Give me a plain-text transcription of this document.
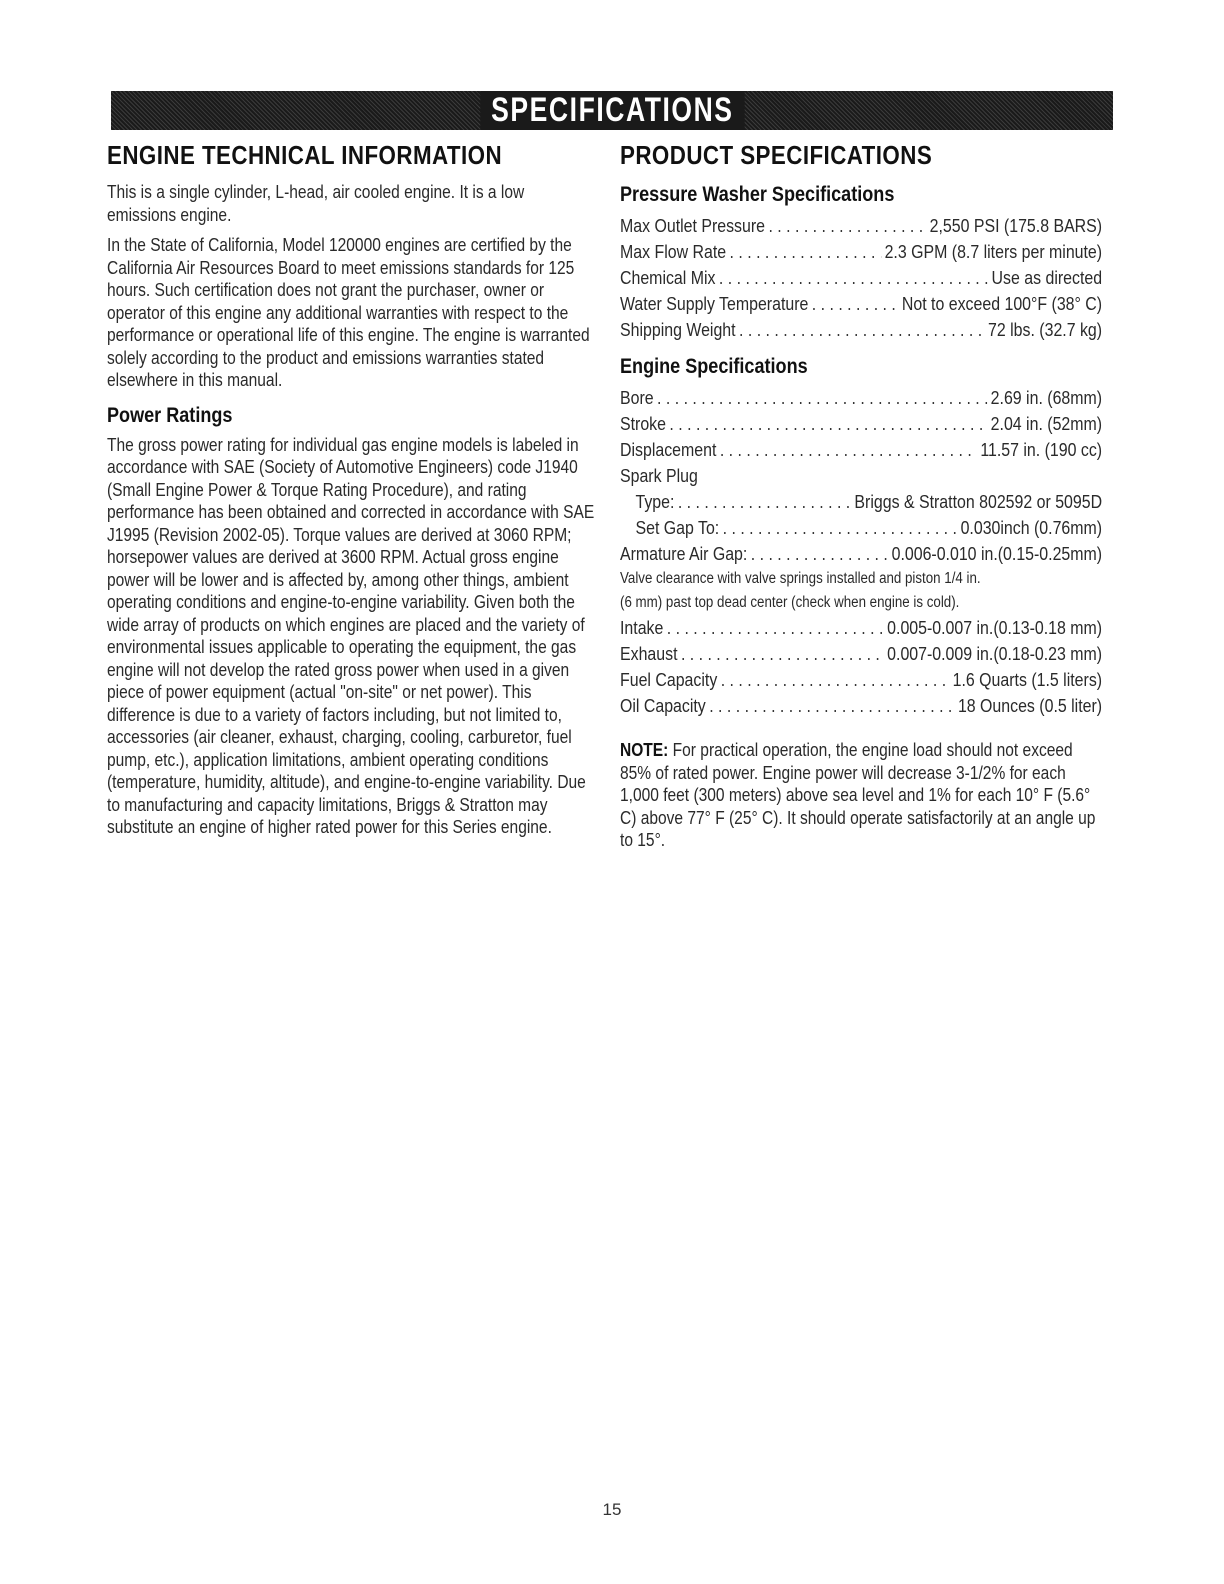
SPECIFICATIONS
ENGINE TECHNICAL INFORMATION

This is a single cylinder, L-head, air cooled engine. It is a low emissions engine.

In the State of California, Model 120000 engines are certified by the California Air Resources Board to meet emissions standards for 125 hours. Such certification does not grant the purchaser, owner or operator of this engine any additional warranties with respect to the performance or operational life of this engine. The engine is warranted solely according to the product and emissions warranties stated elsewhere in this manual.

Power Ratings

The gross power rating for individual gas engine models is labeled in accordance with SAE (Society of Automotive Engineers) code J1940 (Small Engine Power & Torque Rating Procedure), and rating performance has been obtained and corrected in accordance with SAE J1995 (Revision 2002-05). Torque values are derived at 3060 RPM; horsepower values are derived at 3600 RPM. Actual gross engine power will be lower and is affected by, among other things, ambient operating conditions and engine-to-engine variability. Given both the wide array of products on which engines are placed and the variety of environmental issues applicable to operating the equipment, the gas engine will not develop the rated gross power when used in a given piece of power equipment (actual "on-site" or net power). This difference is due to a variety of factors including, but not limited to, accessories (air cleaner, exhaust, charging, cooling, carburetor, fuel pump, etc.), application limitations, ambient operating conditions (temperature, humidity, altitude), and engine-to-engine variability. Due to manufacturing and capacity limitations, Briggs & Stratton may substitute an engine of higher rated power for this Series engine.

PRODUCT SPECIFICATIONS
Pressure Washer Specifications
Max Outlet Pressure . . .	2,550 PSI (175.8 BARS)
Max Flow Rate . . .	2.3 GPM (8.7 liters per minute)
Chemical Mix . . .	Use as directed
Water Supply Temperature . . .	Not to exceed 100°F (38° C)
Shipping Weight . . .	72 lbs. (32.7 kg)
Engine Specifications
Bore . . .	2.69 in. (68mm)
Stroke . . .	2.04 in. (52mm)
Displacement . . .	11.57 in. (190 cc)
Spark Plug
Type: . . .	Briggs & Stratton 802592 or 5095D
Set Gap To: . . .	0.030inch (0.76mm)
Armature Air Gap: . . .	0.006-0.010 in.(0.15-0.25mm)
Valve clearance with valve springs installed and piston 1/4 in.
(6 mm) past top dead center (check when engine is cold).
Intake . . .	0.005-0.007 in.(0.13-0.18 mm)
Exhaust . . .	0.007-0.009 in.(0.18-0.23 mm)
Fuel Capacity . . .	1.6 Quarts (1.5 liters)
Oil Capacity . . .	18 Ounces (0.5 liter)
NOTE: For practical operation, the engine load should not exceed 85% of rated power. Engine power will decrease 3-1/2% for each 1,000 feet (300 meters) above sea level and 1% for each 10° F (5.6° C) above 77° F (25° C). It should operate satisfactorily at an angle up to 15°.
15
